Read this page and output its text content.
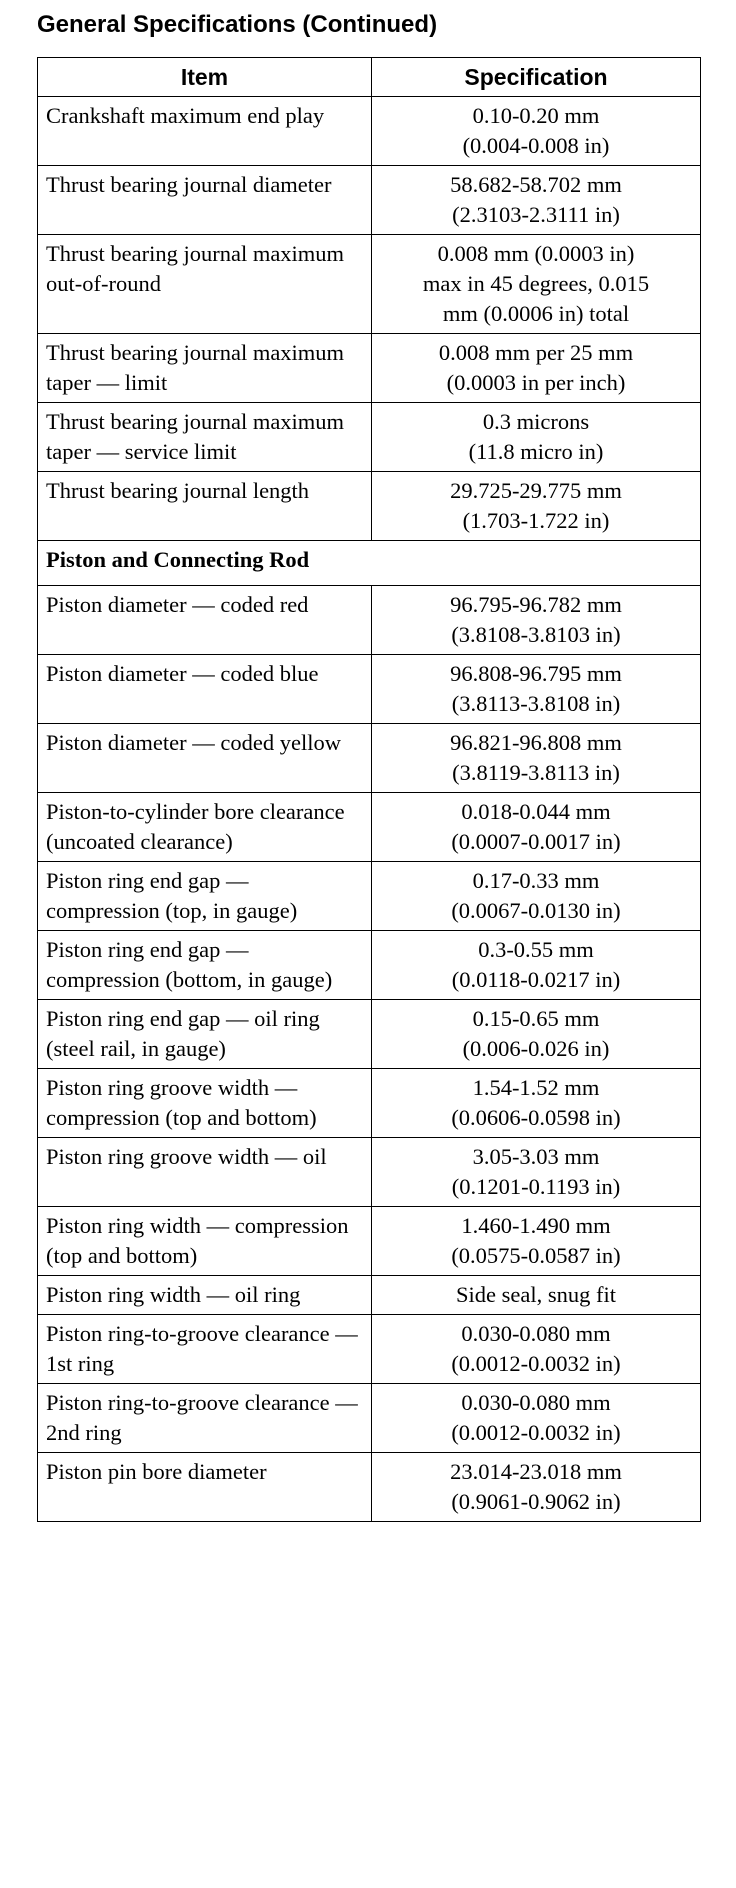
General Specifications (Continued)
Item	Specification
Crankshaft maximum end play	0.10-0.20 mm
(0.004-0.008 in)
Thrust bearing journal diameter	58.682-58.702 mm
(2.3103-2.3111 in)
Thrust bearing journal maximum out-of-round	0.008 mm (0.0003 in)
max in 45 degrees, 0.015
mm (0.0006 in) total
Thrust bearing journal maximum taper — limit	0.008 mm per 25 mm
(0.0003 in per inch)
Thrust bearing journal maximum taper — service limit	0.3 microns
(11.8 micro in)
Thrust bearing journal length	29.725-29.775 mm
(1.703-1.722 in)
Piston and Connecting Rod	
Piston diameter — coded red	96.795-96.782 mm
(3.8108-3.8103 in)
Piston diameter — coded blue	96.808-96.795 mm
(3.8113-3.8108 in)
Piston diameter — coded yellow	96.821-96.808 mm
(3.8119-3.8113 in)
Piston-to-cylinder bore clearance (uncoated clearance)	0.018-0.044 mm
(0.0007-0.0017 in)
Piston ring end gap — compression (top, in gauge)	0.17-0.33 mm
(0.0067-0.0130 in)
Piston ring end gap — compression (bottom, in gauge)	0.3-0.55 mm
(0.0118-0.0217 in)
Piston ring end gap — oil ring (steel rail, in gauge)	0.15-0.65 mm
(0.006-0.026 in)
Piston ring groove width — compression (top and bottom)	1.54-1.52 mm
(0.0606-0.0598 in)
Piston ring groove width — oil	3.05-3.03 mm
(0.1201-0.1193 in)
Piston ring width — compression (top and bottom)	1.460-1.490 mm
(0.0575-0.0587 in)
Piston ring width — oil ring	Side seal, snug fit
Piston ring-to-groove clearance — 1st ring	0.030-0.080 mm
(0.0012-0.0032 in)
Piston ring-to-groove clearance — 2nd ring	0.030-0.080 mm
(0.0012-0.0032 in)
Piston pin bore diameter	23.014-23.018 mm
(0.9061-0.9062 in)
